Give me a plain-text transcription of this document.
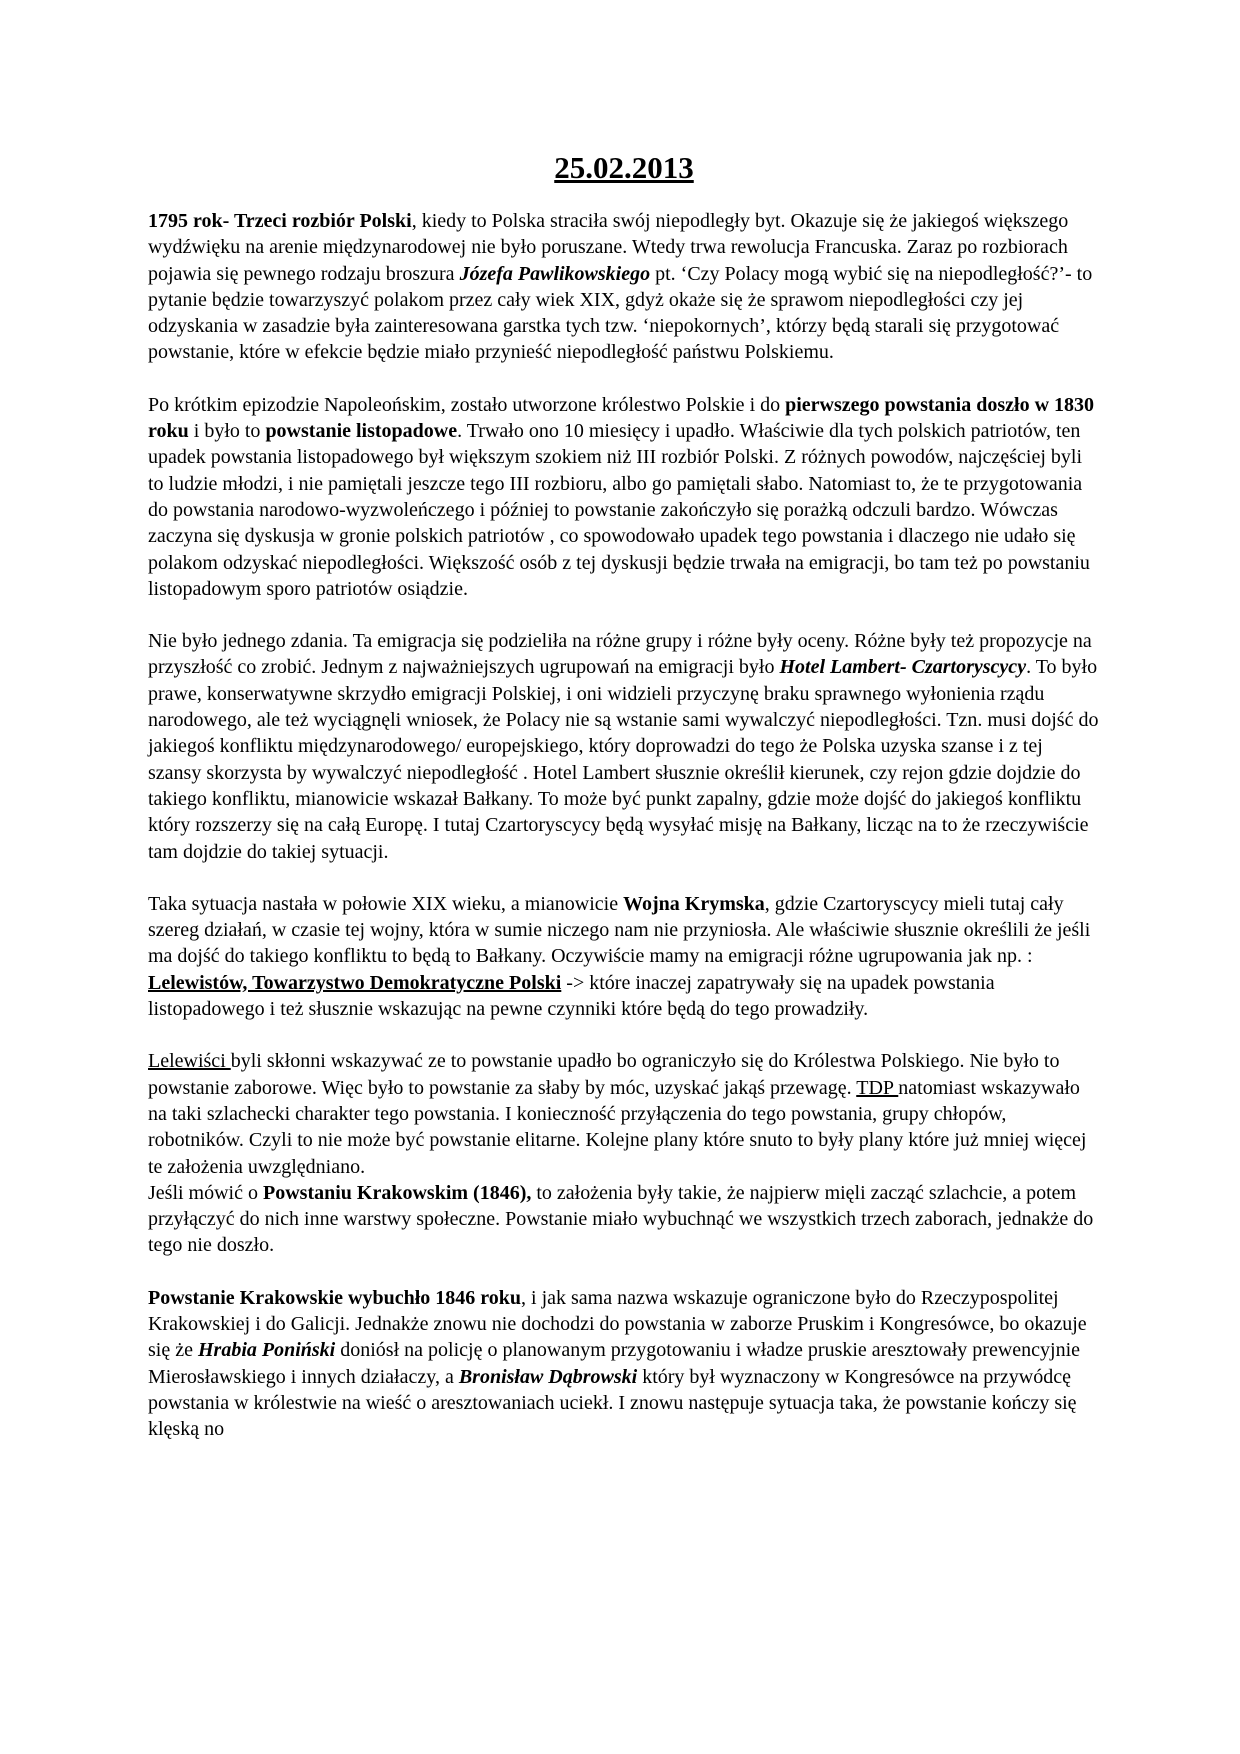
25.02.2013

1795 rok- Trzeci rozbiór Polski, kiedy to Polska straciła swój niepodległy byt. Okazuje się że jakiegoś większego wydźwięku na arenie międzynarodowej nie było poruszane. Wtedy trwa rewolucja Francuska. Zaraz po rozbiorach pojawia się pewnego rodzaju broszura Józefa Pawlikowskiego pt. ‘Czy Polacy mogą wybić się na niepodległość?’- to pytanie będzie towarzyszyć polakom przez cały wiek XIX, gdyż okaże się że sprawom niepodległości czy jej odzyskania w zasadzie była zainteresowana garstka tych tzw. ‘niepokornych’, którzy będą starali się przygotować powstanie, które w efekcie będzie miało przynieść niepodległość państwu Polskiemu.

Po krótkim epizodzie Napoleońskim, zostało utworzone królestwo Polskie i do pierwszego powstania doszło w 1830 roku i było to powstanie listopadowe. Trwało ono 10 miesięcy i upadło. Właściwie dla tych polskich patriotów, ten upadek powstania listopadowego był większym szokiem niż III rozbiór Polski. Z różnych powodów, najczęściej byli to ludzie młodzi, i nie pamiętali jeszcze tego III rozbioru, albo go pamiętali słabo. Natomiast to, że te przygotowania do powstania narodowo-wyzwoleńczego i później to powstanie zakończyło się porażką odczuli bardzo. Wówczas zaczyna się dyskusja w gronie polskich patriotów , co spowodowało upadek tego powstania i dlaczego nie udało się polakom odzyskać niepodległości. Większość osób z tej dyskusji będzie trwała na emigracji, bo tam też po powstaniu listopadowym sporo patriotów osiądzie.

Nie było jednego zdania. Ta emigracja się podzieliła na różne grupy i różne były oceny. Różne były też propozycje na przyszłość co zrobić. Jednym z najważniejszych ugrupowań na emigracji było Hotel Lambert- Czartoryscycy. To było prawe, konserwatywne skrzydło emigracji Polskiej, i oni widzieli przyczynę braku sprawnego wyłonienia rządu narodowego, ale też wyciągnęli wniosek, że Polacy nie są wstanie sami wywalczyć niepodległości. Tzn. musi dojść do jakiegoś konfliktu międzynarodowego/ europejskiego, który doprowadzi do tego że Polska uzyska szanse i z tej szansy skorzysta by wywalczyć niepodległość . Hotel Lambert słusznie określił kierunek, czy rejon gdzie dojdzie do takiego konfliktu, mianowicie wskazał Bałkany. To może być punkt zapalny, gdzie może dojść do jakiegoś konfliktu który rozszerzy się na całą Europę. I tutaj Czartoryscycy będą wysyłać misję na Bałkany, licząc na to że rzeczywiście tam dojdzie do takiej sytuacji.

Taka sytuacja nastała w połowie XIX wieku, a mianowicie Wojna Krymska, gdzie Czartoryscycy mieli tutaj cały szereg działań, w czasie tej wojny, która w sumie niczego nam nie przyniosła. Ale właściwie słusznie określili że jeśli ma dojść do takiego konfliktu to będą to Bałkany. Oczywiście mamy na emigracji różne ugrupowania jak np. : Lelewistów, Towarzystwo Demokratyczne Polski -> które inaczej zapatrywały się na upadek powstania listopadowego i też słusznie wskazując na pewne czynniki które będą do tego prowadziły.

Lelewiści byli skłonni wskazywać ze to powstanie upadło bo ograniczyło się do Królestwa Polskiego. Nie było to powstanie zaborowe. Więc było to powstanie za słaby by móc, uzyskać jakąś przewagę. TDP natomiast wskazywało na taki szlachecki charakter tego powstania. I konieczność przyłączenia do tego powstania, grupy chłopów, robotników. Czyli to nie może być powstanie elitarne. Kolejne plany które snuto to były plany które już mniej więcej te założenia uwzględniano.

Jeśli mówić o Powstaniu Krakowskim (1846), to założenia były takie, że najpierw mięli zacząć szlachcie, a potem przyłączyć do nich inne warstwy społeczne. Powstanie miało wybuchnąć we wszystkich trzech zaborach, jednakże do tego nie doszło.

Powstanie Krakowskie wybuchło 1846 roku, i jak sama nazwa wskazuje ograniczone było do Rzeczypospolitej Krakowskiej i do Galicji. Jednakże znowu nie dochodzi do powstania w zaborze Pruskim i Kongresówce, bo okazuje się że Hrabia Poniński doniósł na policję o planowanym przygotowaniu i władze pruskie aresztowały prewencyjnie Mierosławskiego i innych działaczy, a Bronisław Dąbrowski który był wyznaczony w Kongresówce na przywódcę powstania w królestwie na wieść o aresztowaniach uciekł. I znowu następuje sytuacja taka, że powstanie kończy się klęską no
